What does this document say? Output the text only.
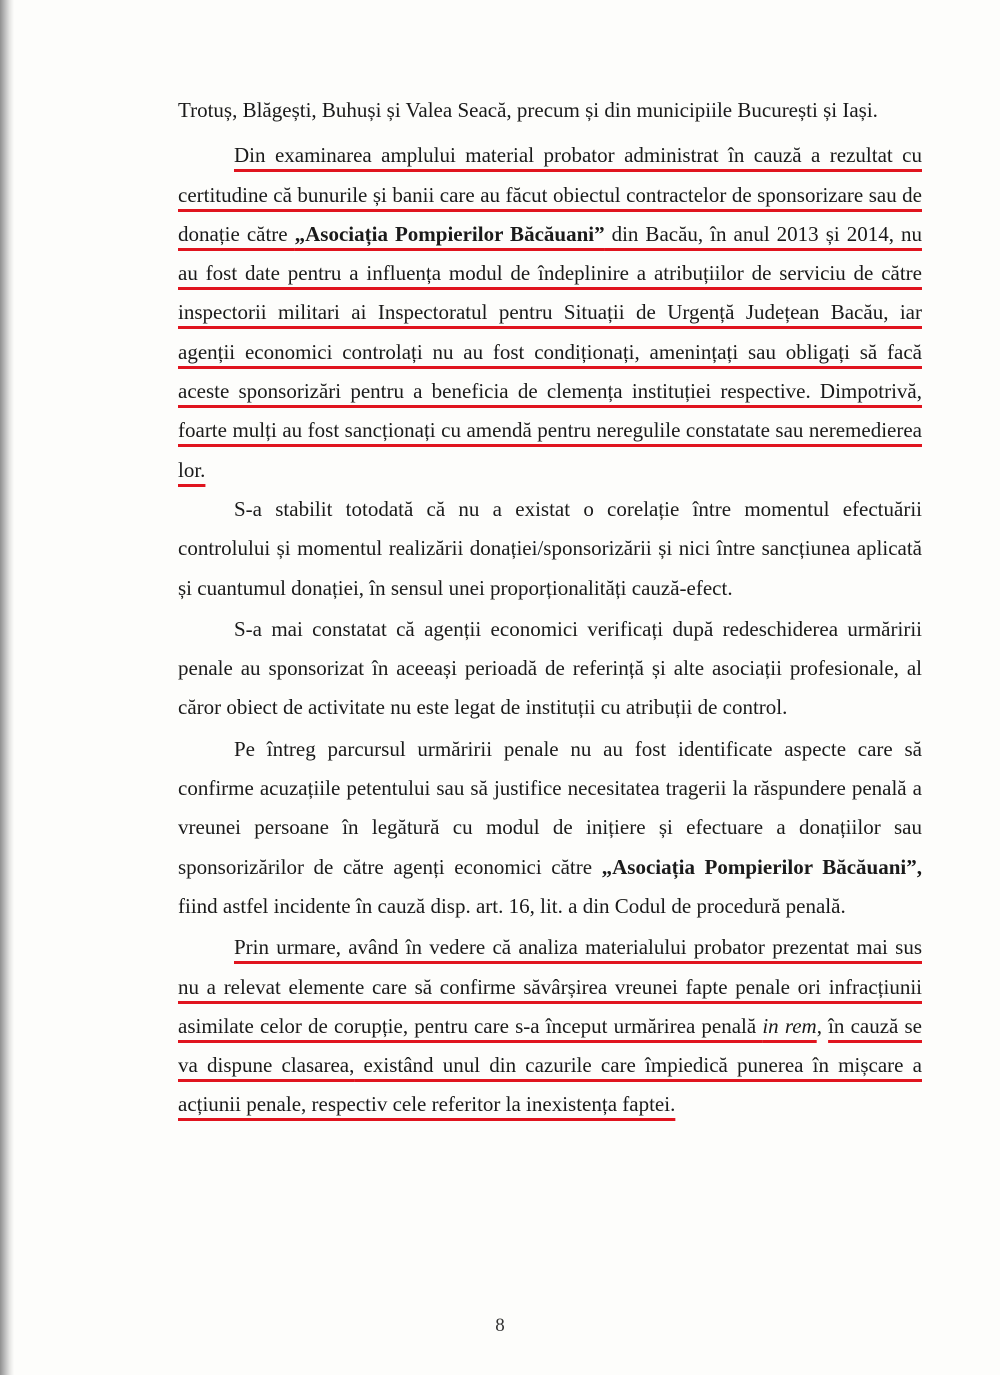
Trotuș, Blăgești, Buhuși și Valea Seacă, precum și din municipiile București și Iași.

Din examinarea amplului material probator administrat în cauză a rezultat cu certitudine că bunurile și banii care au făcut obiectul contractelor de sponsorizare sau de donație către „Asociația Pompierilor Băcăuani” din Bacău, în anul 2013 și 2014, nu au fost date pentru a influența modul de îndeplinire a atribuțiilor de serviciu de către inspectorii militari ai Inspectoratul pentru Situații de Urgență Județean Bacău, iar agenții economici controlați nu au fost condiționați, amenințați sau obligați să facă aceste sponsorizări pentru a beneficia de clemența instituției respective. Dimpotrivă, foarte mulți au fost sancționați cu amendă pentru neregulile constatate sau neremedierea lor.

S-a stabilit totodată că nu a existat o corelație între momentul efectuării controlului și momentul realizării donației/sponsorizării și nici între sancțiunea aplicată și cuantumul donației, în sensul unei proporționalități cauză-efect.

S-a mai constatat că agenții economici verificați după redeschiderea urmăririi penale au sponsorizat în aceeași perioadă de referință și alte asociații profesionale, al căror obiect de activitate nu este legat de instituții cu atribuții de control.

Pe întreg parcursul urmăririi penale nu au fost identificate aspecte care să confirme acuzațiile petentului sau să justifice necesitatea tragerii la răspundere penală a vreunei persoane în legătură cu modul de inițiere și efectuare a donațiilor sau sponsorizărilor de către agenți economici către „Asociația Pompierilor Băcăuani”, fiind astfel incidente în cauză disp. art. 16, lit. a din Codul de procedură penală.

Prin urmare, având în vedere că analiza materialului probator prezentat mai sus nu a relevat elemente care să confirme săvârșirea vreunei fapte penale ori infracțiunii asimilate celor de corupție, pentru care s-a început urmărirea penală in rem, în cauză se va dispune clasarea, existând unul din cazurile care împiedică punerea în mișcare a acțiunii penale, respectiv cele referitor la inexistența faptei.

8
